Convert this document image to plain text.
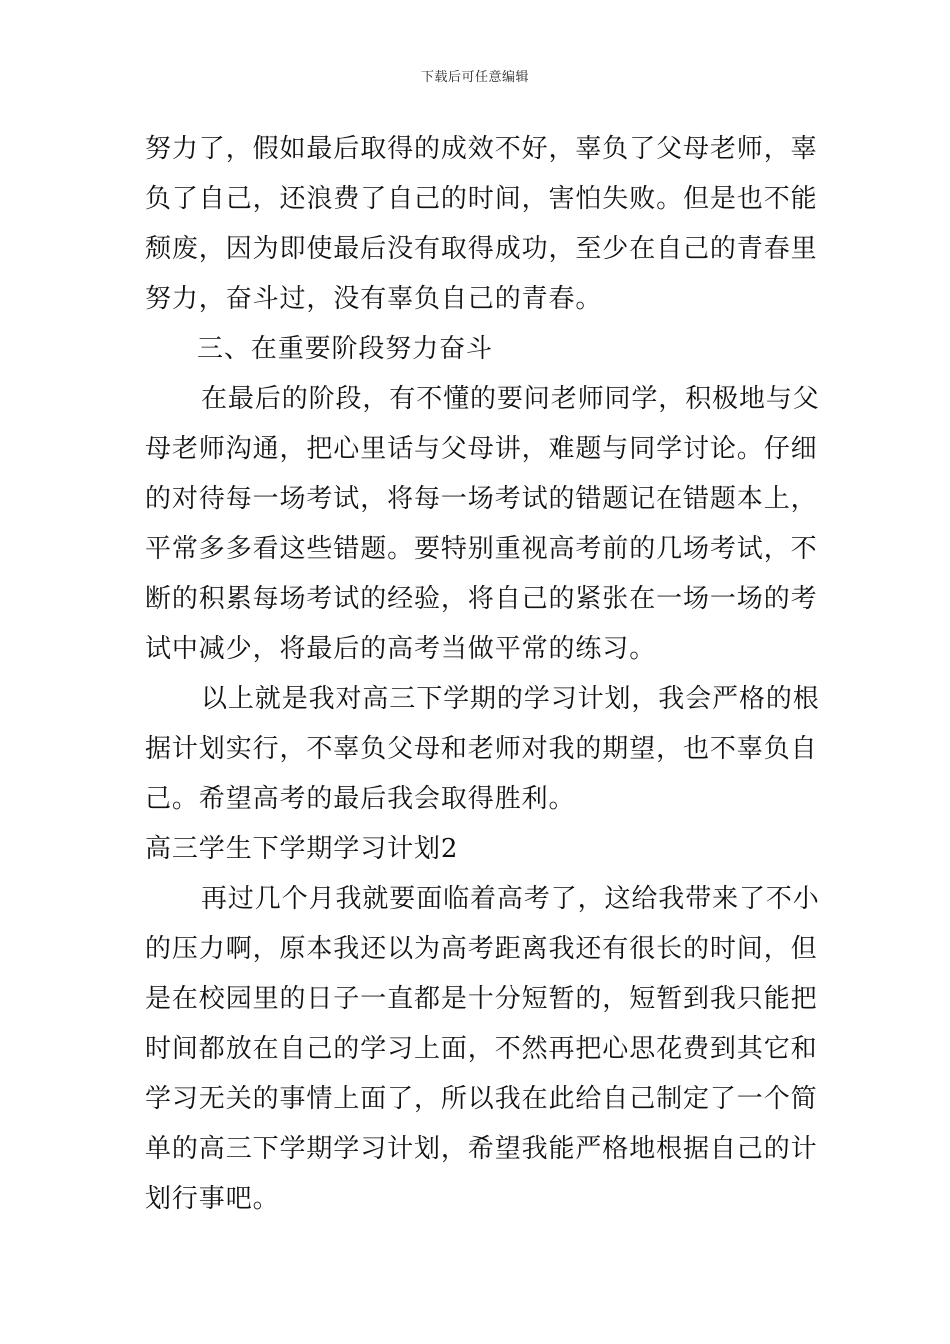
下载后可任意编辑
努力了，假如最后取得的成效不好，辜负了父母老师，辜
负了自己，还浪费了自己的时间，害怕失败。但是也不能
颓废，因为即使最后没有取得成功，至少在自己的青春里
努力，奋斗过，没有辜负自己的青春。
三、在重要阶段努力奋斗
在最后的阶段，有不懂的要问老师同学，积极地与父
母老师沟通，把心里话与父母讲，难题与同学讨论。仔细
的对待每一场考试，将每一场考试的错题记在错题本上，
平常多多看这些错题。要特别重视高考前的几场考试，不
断的积累每场考试的经验，将自己的紧张在一场一场的考
试中减少，将最后的高考当做平常的练习。
以上就是我对高三下学期的学习计划，我会严格的根
据计划实行，不辜负父母和老师对我的期望，也不辜负自
己。希望高考的最后我会取得胜利。
高三学生下学期学习计划2
再过几个月我就要面临着高考了，这给我带来了不小
的压力啊，原本我还以为高考距离我还有很长的时间，但
是在校园里的日子一直都是十分短暂的，短暂到我只能把
时间都放在自己的学习上面，不然再把心思花费到其它和
学习无关的事情上面了，所以我在此给自己制定了一个简
单的高三下学期学习计划，希望我能严格地根据自己的计
划行事吧。
